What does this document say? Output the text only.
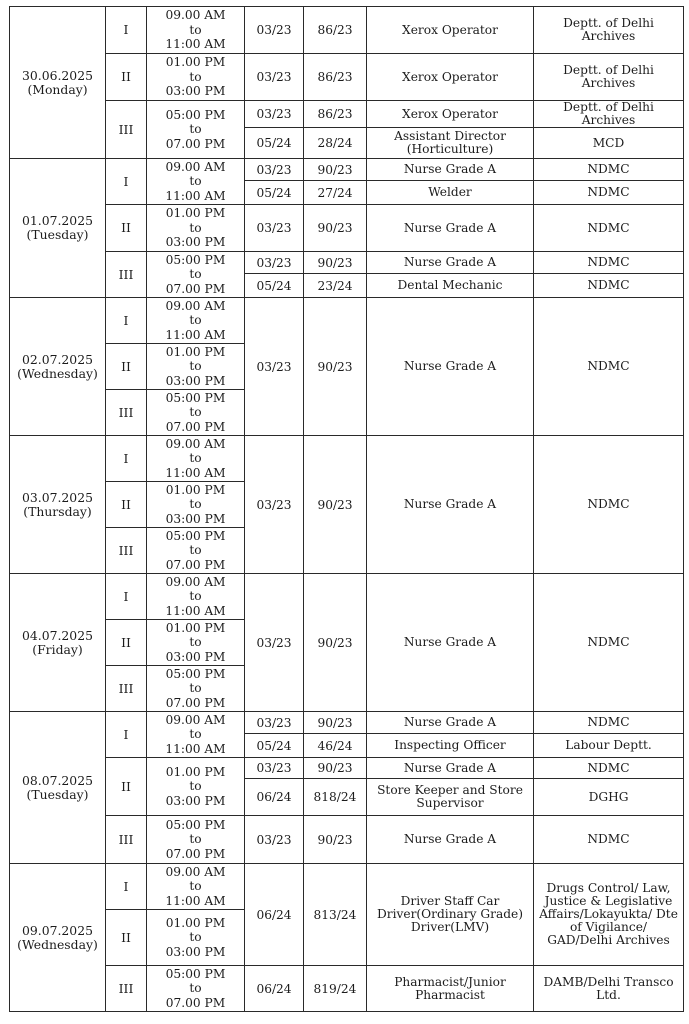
30.06.2025
(Monday)	I	09.00 AM
to
11:00 AM	03/23	86/23	Xerox Operator	Deptt. of Delhi Archives
	II	01.00 PM
to
03:00 PM	03/23	86/23	Xerox Operator	Deptt. of Delhi Archives
	III	05:00 PM
to
07.00 PM	03/23	86/23	Xerox Operator	Deptt. of Delhi Archives
			05/24	28/24	Assistant Director (Horticulture)	MCD

01.07.2025
(Tuesday)	I	09.00 AM
to
11:00 AM	03/23	90/23	Nurse Grade A	NDMC
			05/24	27/24	Welder	NDMC
	II	01.00 PM
to
03:00 PM	03/23	90/23	Nurse Grade A	NDMC
	III	05:00 PM
to
07.00 PM	03/23	90/23	Nurse Grade A	NDMC
			05/24	23/24	Dental Mechanic	NDMC

02.07.2025
(Wednesday)	I	09.00 AM
to
11:00 AM	03/23	90/23	Nurse Grade A	NDMC
	II	01.00 PM
to
03:00 PM				

	III	05:00 PM
to
07.00 PM				

03.07.2025
(Thursday)	I	09.00 AM
to
11:00 AM	03/23	90/23	Nurse Grade A	NDMC
	II	01.00 PM
to
03:00 PM				

	III	05:00 PM
to
07.00 PM				

04.07.2025
(Friday)	I	09.00 AM
to
11:00 AM	03/23	90/23	Nurse Grade A	NDMC
	II	01.00 PM
to
03:00 PM				

	III	05:00 PM
to
07.00 PM				

08.07.2025
(Tuesday)	I	09.00 AM
to
11:00 AM	03/23	90/23	Nurse Grade A	NDMC
			05/24	46/24	Inspecting Officer	Labour Deptt.
	II	01.00 PM
to
03:00 PM	03/23	90/23	Nurse Grade A	NDMC
			06/24	818/24	Store Keeper and Store Supervisor	DGHG
	III	05:00 PM
to
07.00 PM	03/23	90/23	Nurse Grade A	NDMC

09.07.2025
(Wednesday)	I	09.00 AM
to
11:00 AM	06/24	813/24	Driver Staff Car Driver(Ordinary Grade) Driver(LMV)	Drugs Control/ Law, Justice & Legislative Affairs/Lokayukta/ Dte of Vigilance/ GAD/Delhi Archives
	II	01.00 PM
to
03:00 PM				

	III	05:00 PM
to
07.00 PM	06/24	819/24	Pharmacist/Junior Pharmacist	DAMB/Delhi Transco Ltd.
